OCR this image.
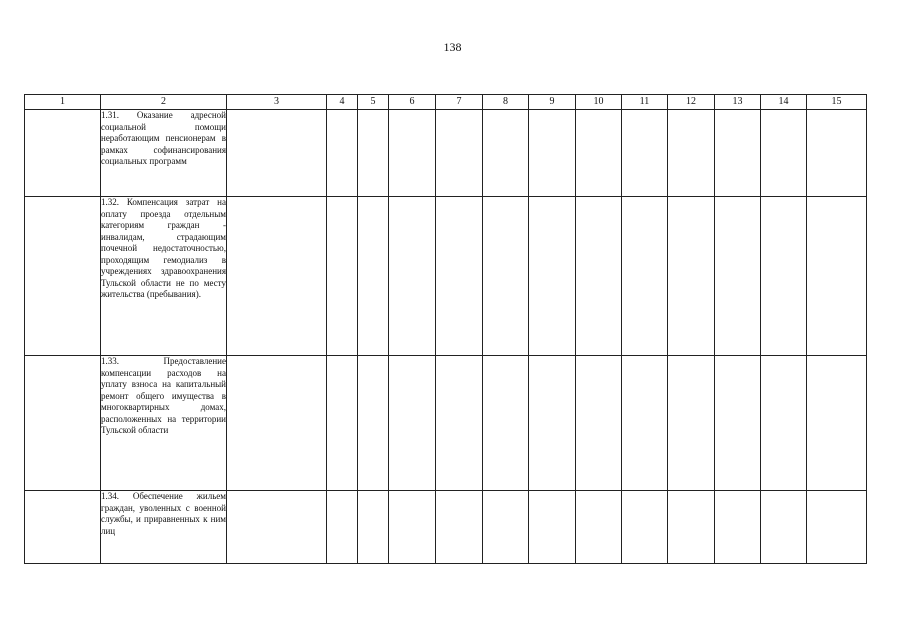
138
1	2	3	4	5	6	7	8	9	10	11	12	13	14	15
	1.31. Оказание адресной социальной помощи неработающим пенсионерам в рамках софинансирования социальных программ													
	1.32. Компенсация затрат на оплату проезда отдельным категориям граждан - инвалидам, страдающим почечной недостаточностью, проходящим гемодиализ в учреждениях здравоохранения Тульской области не по месту жительства (пребывания).													
	1.33. Предоставление компенсации расходов на уплату взноса на капитальный ремонт общего имущества в многоквартирных домах, расположенных на территории Тульской области													
	1.34. Обеспечение жильем граждан, уволенных с военной службы, и приравненных к ним лиц													
